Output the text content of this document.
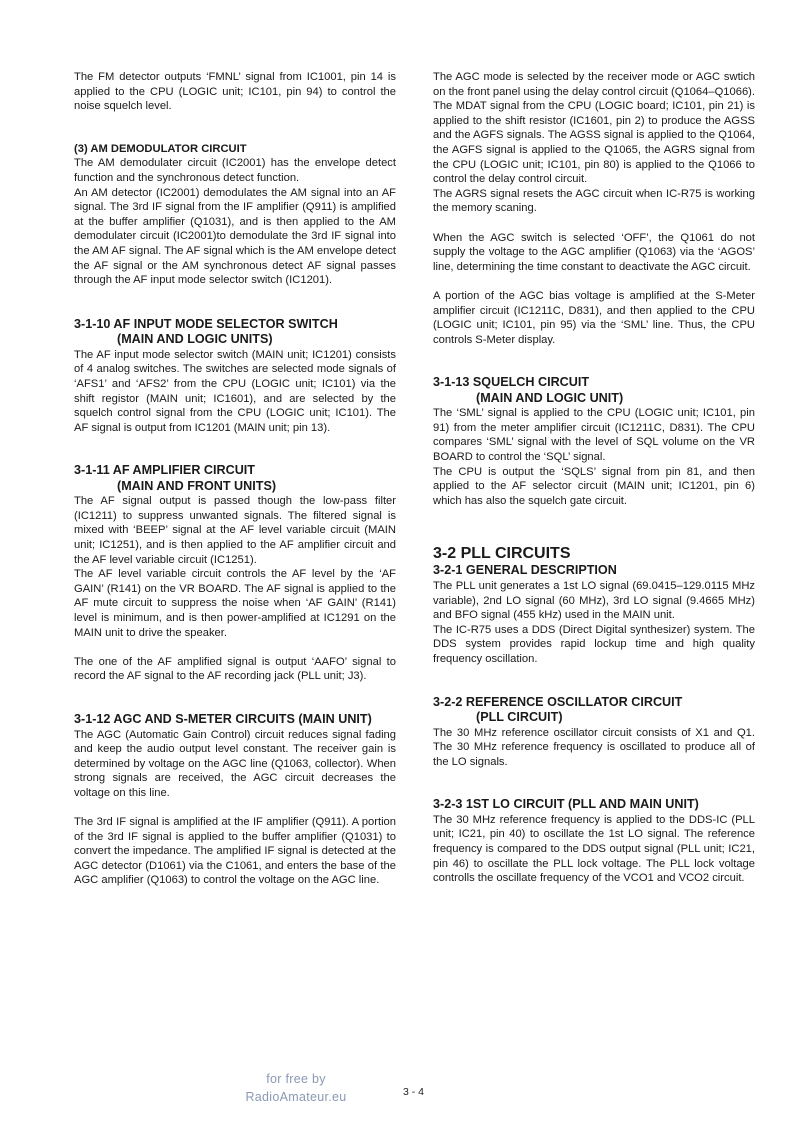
The FM detector outputs ‘FMNL’ signal from IC1001, pin 14 is applied to the CPU (LOGIC unit; IC101, pin 94) to control the noise squelch level.

(3) AM DEMODULATOR CIRCUIT

The AM demodulater circuit (IC2001) has the envelope detect function and the synchronous detect function.

An AM detector (IC2001) demodulates the AM signal into an AF signal. The 3rd IF signal from the IF amplifier (Q911) is amplified at the buffer amplifier (Q1031), and is then applied to the AM demodulater circuit (IC2001)to demodulate the 3rd IF signal into the AM AF signal. The AF signal which is the AM envelope detect the AF signal or the AM synchronous detect AF signal passes through the AF input mode selector switch (IC1201).

3-1-10 AF INPUT MODE SELECTOR SWITCH
(MAIN AND LOGIC UNITS)

The AF input mode selector switch (MAIN unit; IC1201) consists of 4 analog switches. The switches are selected mode signals of ‘AFS1’ and ‘AFS2’ from the CPU (LOGIC unit; IC101) via the shift registor (MAIN unit; IC1601), and are selected by the squelch control signal from the CPU (LOGIC unit; IC101). The AF signal is output from IC1201 (MAIN unit; pin 13).

3-1-11 AF AMPLIFIER CIRCUIT
(MAIN AND FRONT UNITS)

The AF signal output is passed though the low-pass filter (IC1211) to suppress unwanted signals. The filtered signal is mixed with ‘BEEP’ signal at the AF level variable circuit (MAIN unit; IC1251), and is then applied to the AF amplifier circuit and the AF level variable circuit (IC1251).

The AF level variable circuit controls the AF level by the ‘AF GAIN’ (R141) on the VR BOARD. The AF signal is applied to the AF mute circuit to suppress the noise when ‘AF GAIN’ (R141) level is minimum, and is then power-amplified at IC1291 on the MAIN unit to drive the speaker.

The one of the AF amplified signal is output ‘AAFO’ signal to record the AF signal to the AF recording jack (PLL unit; J3).

3-1-12 AGC AND S-METER CIRCUITS (MAIN UNIT)

The AGC (Automatic Gain Control) circuit reduces signal fading and keep the audio output level constant. The receiver gain is determined by voltage on the AGC line (Q1063, collector). When strong signals are received, the AGC circuit decreases the voltage on this line.

The 3rd IF signal is amplified at the IF amplifier (Q911). A portion of the 3rd IF signal is applied to the buffer amplifier (Q1031) to convert the impedance. The amplified IF signal is detected at the AGC detector (D1061) via the C1061, and enters the base of the AGC amplifier (Q1063) to control the voltage on the AGC line.

The AGC mode is selected by the receiver mode or AGC swtich on the front panel using the delay control circuit (Q1064–Q1066). The MDAT signal from the CPU (LOGIC board; IC101, pin 21) is applied to the shift resistor (IC1601, pin 2) to produce the AGSS and the AGFS signals. The AGSS signal is applied to the Q1064, the AGFS signal is applied to the Q1065, the AGRS signal from the CPU (LOGIC unit; IC101, pin 80) is applied to the Q1066 to control the delay control circuit.

The AGRS signal resets the AGC circuit when IC-R75 is working the memory scaning.

When the AGC switch is selected ‘OFF’, the Q1061 do not supply the voltage to the AGC amplifier (Q1063) via the ‘AGOS’ line, determining the time constant to deactivate the AGC circuit.

A portion of the AGC bias voltage is amplified at the S-Meter amplifier circuit (IC1211C, D831), and then applied to the CPU (LOGIC unit; IC101, pin 95) via the ‘SML’ line. Thus, the CPU controls S-Meter display.

3-1-13 SQUELCH CIRCUIT
(MAIN AND LOGIC UNIT)

The ‘SML’ signal is applied to the CPU (LOGIC unit; IC101, pin 91) from the meter amplifier circuit (IC1211C, D831). The CPU compares ‘SML’ signal with the level of SQL volume on the VR BOARD to control the ‘SQL’ signal.

The CPU is output the ‘SQLS’ signal from pin 81, and then applied to the AF selector circuit (MAIN unit; IC1201, pin 6) which has also the squelch gate circuit.

3-2 PLL CIRCUITS

3-2-1 GENERAL DESCRIPTION

The PLL unit generates a 1st LO signal (69.0415–129.0115 MHz variable), 2nd LO signal (60 MHz), 3rd LO signal (9.4665 MHz) and BFO signal (455 kHz) used in the MAIN unit.

The IC-R75 uses a DDS (Direct Digital synthesizer) system. The DDS system provides rapid lockup time and high quality frequency oscillation.

3-2-2 REFERENCE OSCILLATOR CIRCUIT
(PLL CIRCUIT)

The 30 MHz reference oscillator circuit consists of X1 and Q1. The 30 MHz reference frequency is oscillated to produce all of the LO signals.

3-2-3 1ST LO CIRCUIT (PLL AND MAIN UNIT)

The 30 MHz reference frequency is applied to the DDS-IC (PLL unit; IC21, pin 40) to oscillate the 1st LO signal. The reference frequency is compared to the DDS output signal (PLL unit; IC21, pin 46) to oscillate the PLL lock voltage. The PLL lock voltage controlls the oscillate frequency of the VCO1 and VCO2 circuit.

for free by
RadioAmateur.eu	3 - 4
